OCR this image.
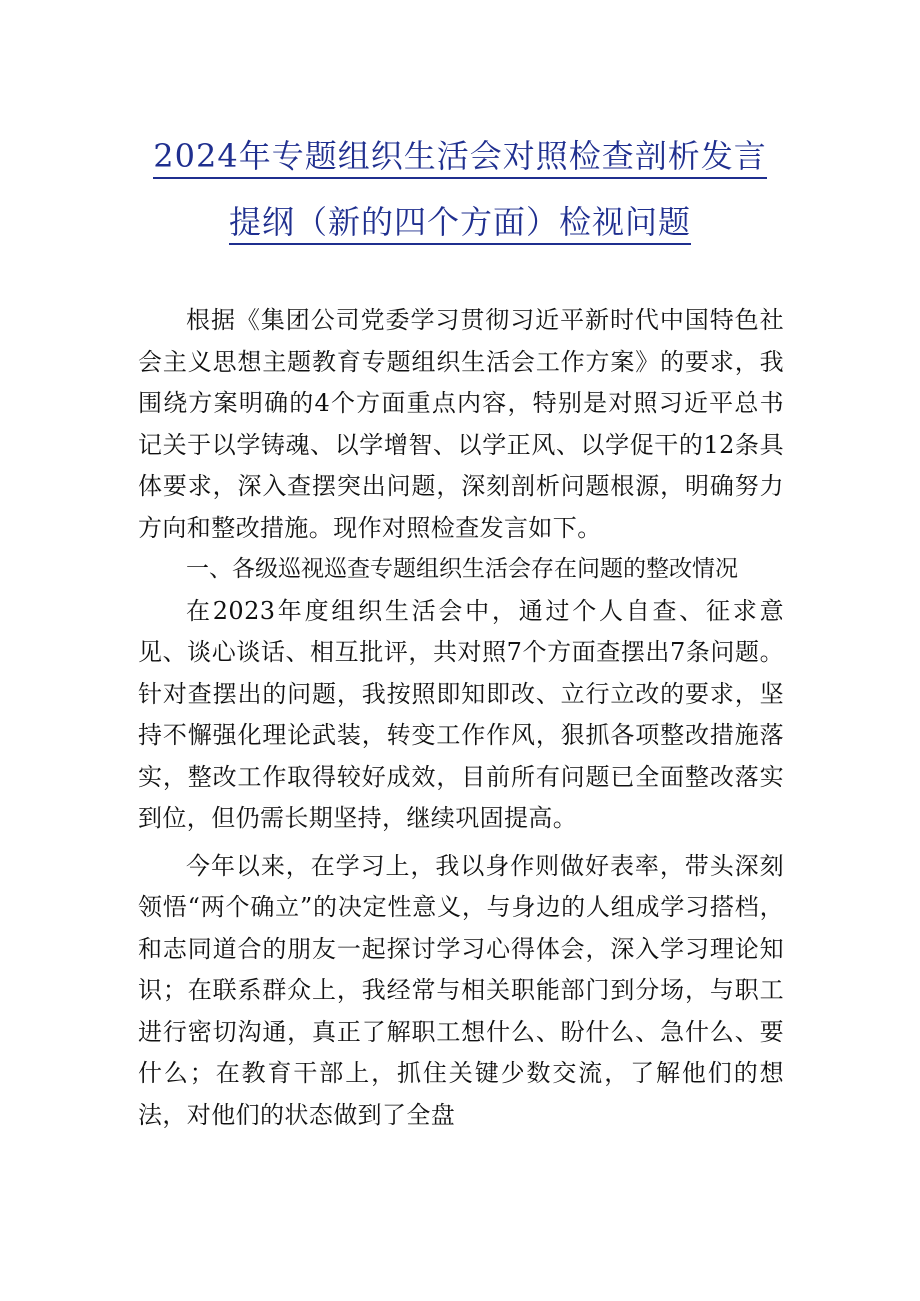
2024年专题组织生活会对照检查剖析发言
提纲（新的四个方面）检视问题

根据《集团公司党委学习贯彻习近平新时代中国特色社会主义思想主题教育专题组织生活会工作方案》的要求，我围绕方案明确的4个方面重点内容，特别是对照习近平总书记关于以学铸魂、以学增智、以学正风、以学促干的12条具体要求，深入查摆突出问题，深刻剖析问题根源，明确努力方向和整改措施。现作对照检查发言如下。

一、各级巡视巡查专题组织生活会存在问题的整改情况

在2023年度组织生活会中，通过个人自查、征求意见、谈心谈话、相互批评，共对照7个方面查摆出7条问题。针对查摆出的问题，我按照即知即改、立行立改的要求，坚持不懈强化理论武装，转变工作作风，狠抓各项整改措施落实，整改工作取得较好成效，目前所有问题已全面整改落实到位，但仍需长期坚持，继续巩固提高。

今年以来，在学习上，我以身作则做好表率，带头深刻领悟“两个确立”的决定性意义，与身边的人组成学习搭档，和志同道合的朋友一起探讨学习心得体会，深入学习理论知识；在联系群众上，我经常与相关职能部门到分场，与职工进行密切沟通，真正了解职工想什么、盼什么、急什么、要什么；在教育干部上，抓住关键少数交流，了解他们的想法，对他们的状态做到了全盘
